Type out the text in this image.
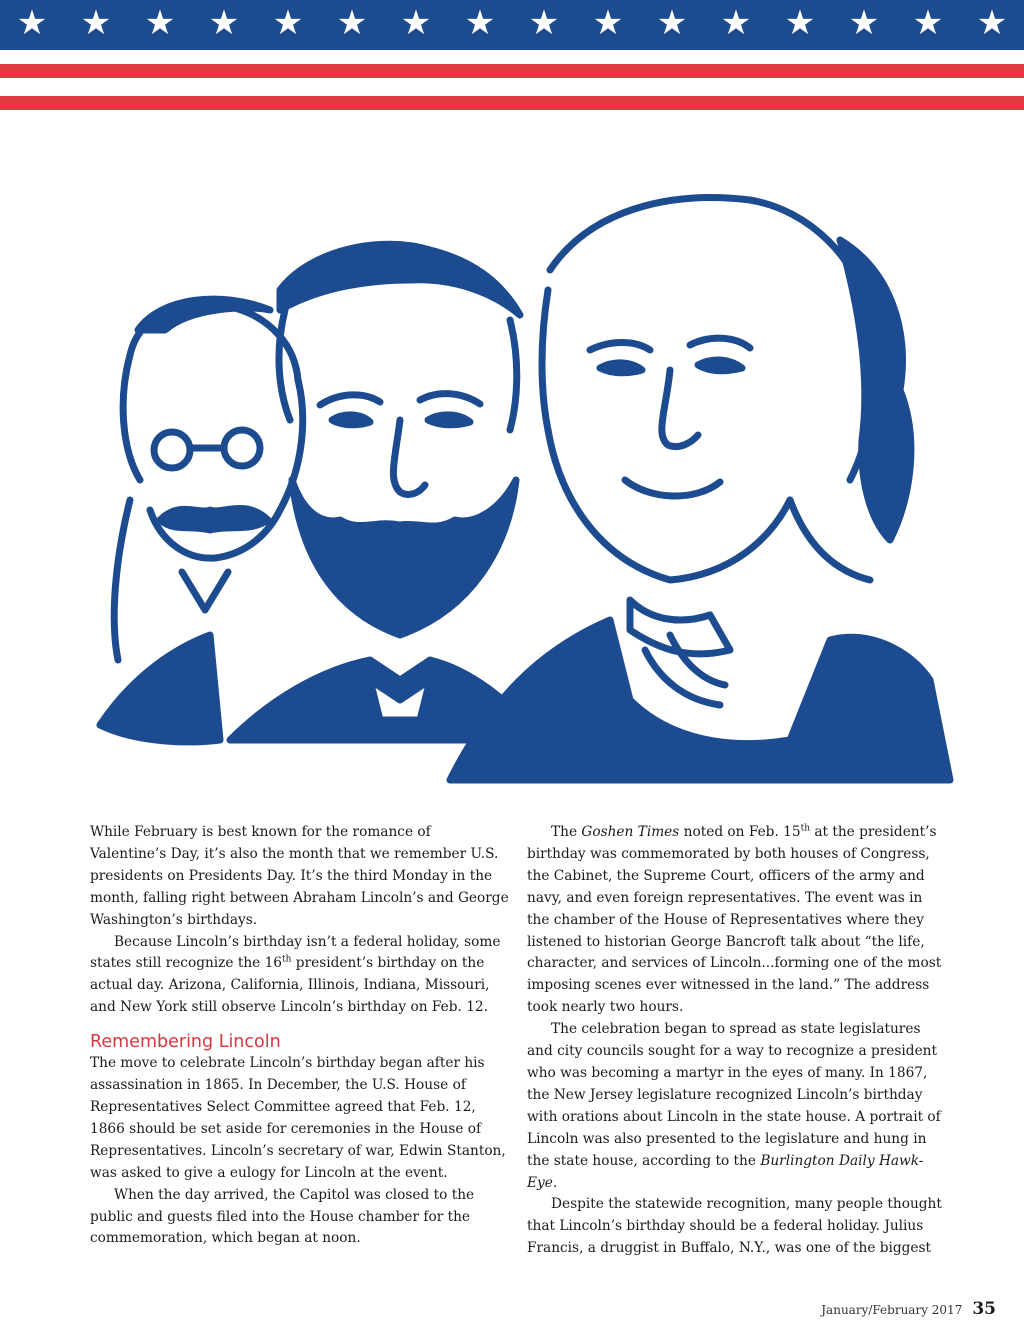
★ ★ ★ ★ ★ ★ ★ ★ ★ ★ ★ ★ ★ ★ ★ ★

While February is best known for the romance of Valentine’s Day, it’s also the month that we remember U.S. presidents on Presidents Day. It’s the third Monday in the month, falling right between Abraham Lincoln’s and George Washington’s birthdays.

Because Lincoln’s birthday isn’t a federal holiday, some states still recognize the 16th president’s birthday on the actual day. Arizona, California, Illinois, Indiana, Missouri, and New York still observe Lincoln’s birthday on Feb. 12.

Remembering Lincoln

The move to celebrate Lincoln’s birthday began after his assassination in 1865. In December, the U.S. House of Representatives Select Committee agreed that Feb. 12, 1866 should be set aside for ceremonies in the House of Representatives. Lincoln’s secretary of war, Edwin Stanton, was asked to give a eulogy for Lincoln at the event.

When the day arrived, the Capitol was closed to the public and guests filed into the House chamber for the commemoration, which began at noon.

The Goshen Times noted on Feb. 15th at the president’s birthday was commemorated by both houses of Congress, the Cabinet, the Supreme Court, officers of the army and navy, and even foreign representatives. The event was in the chamber of the House of Representatives where they listened to historian George Bancroft talk about “the life, character, and services of Lincoln...forming one of the most imposing scenes ever witnessed in the land.” The address took nearly two hours.

The celebration began to spread as state legislatures and city councils sought for a way to recognize a president who was becoming a martyr in the eyes of many. In 1867, the New Jersey legislature recognized Lincoln’s birthday with orations about Lincoln in the state house. A portrait of Lincoln was also presented to the legislature and hung in the state house, according to the Burlington Daily Hawk-Eye.

Despite the statewide recognition, many people thought that Lincoln’s birthday should be a federal holiday. Julius Francis, a druggist in Buffalo, N.Y., was one of the biggest

January/February 2017 35
